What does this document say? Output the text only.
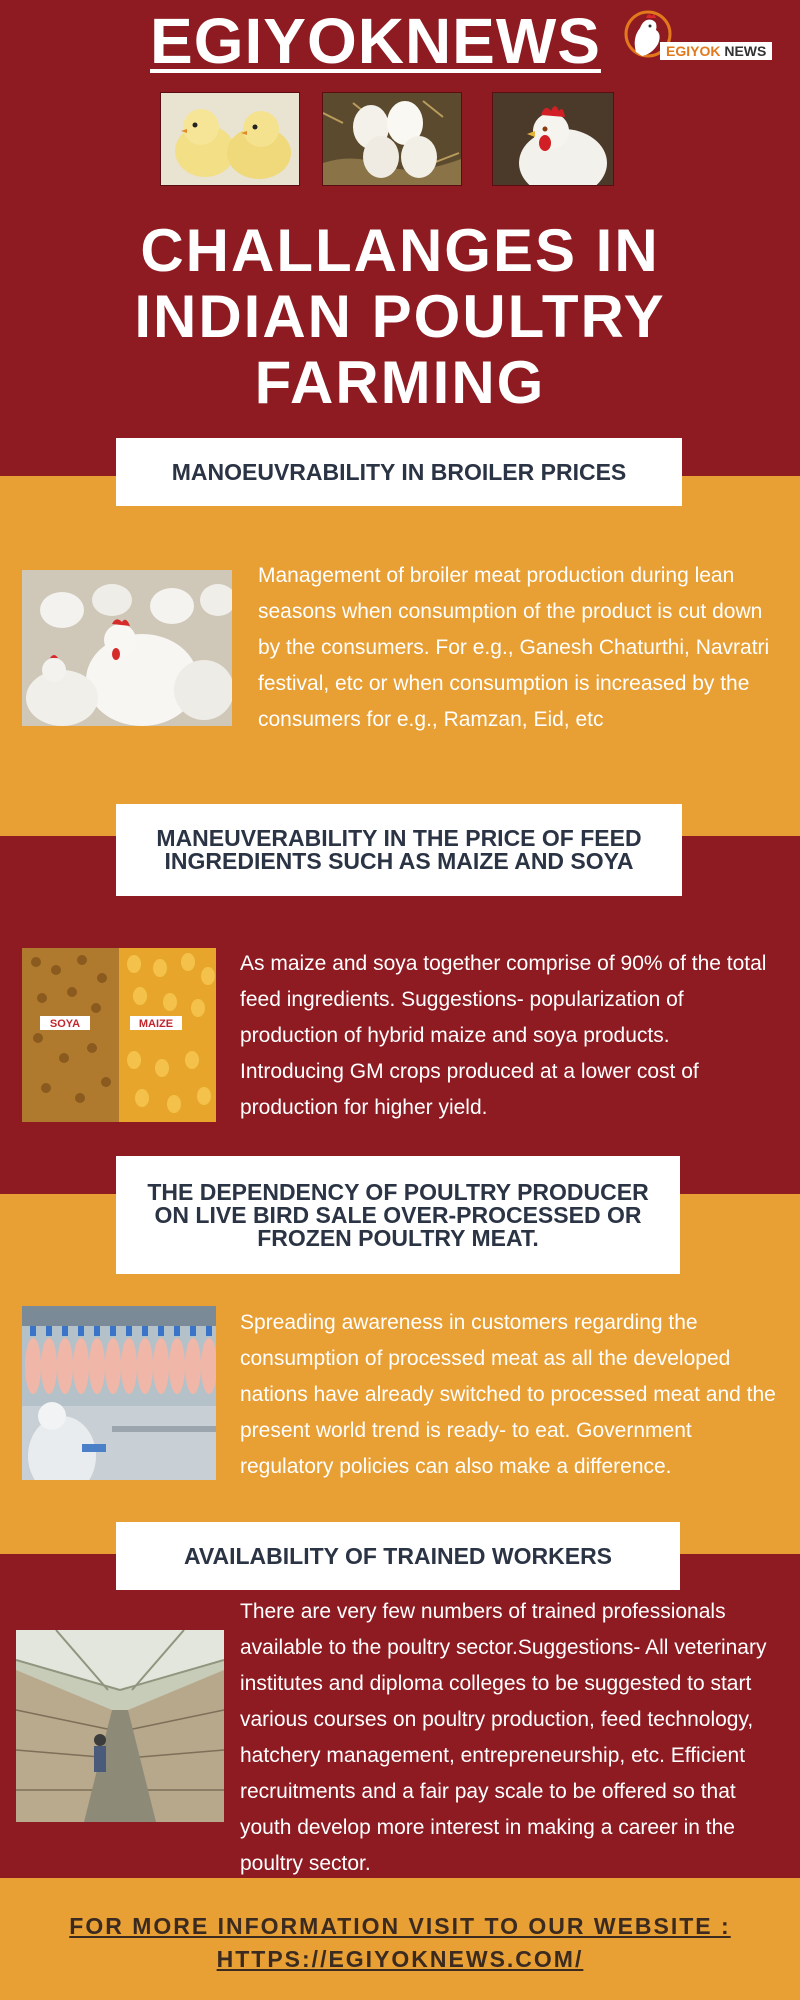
EGIYOKNEWS	EGIYOK NEWS
CHALLANGES IN INDIAN POULTRY FARMING
MANOEUVRABILITY IN BROILER PRICES
Management of broiler meat production during lean seasons when consumption of the product is cut down by the consumers. For e.g., Ganesh Chaturthi, Navratri festival, etc or when consumption is increased by the consumers for e.g., Ramzan, Eid, etc
MANEUVERABILITY IN THE PRICE OF FEED INGREDIENTS SUCH AS MAIZE AND SOYA
SOYA	MAIZE
As maize and soya together comprise of 90% of the total feed ingredients. Suggestions- popularization of production of hybrid maize and soya products. Introducing GM crops produced at a lower cost of production for higher yield.
THE DEPENDENCY OF POULTRY PRODUCER ON LIVE BIRD SALE OVER-PROCESSED OR FROZEN POULTRY MEAT.
Spreading awareness in customers regarding the consumption of processed meat as all the developed nations have already switched to processed meat and the present world trend is ready- to eat. Government regulatory policies can also make a difference.
AVAILABILITY OF TRAINED WORKERS
There are very few numbers of trained professionals available to the poultry sector.Suggestions- All veterinary institutes and diploma colleges to be suggested to start various courses on poultry production, feed technology, hatchery management, entrepreneurship, etc. Efficient recruitments and a fair pay scale to be offered so that youth develop more interest in making a career in the poultry sector.
FOR MORE INFORMATION VISIT TO OUR WEBSITE :
HTTPS://EGIYOKNEWS.COM/
